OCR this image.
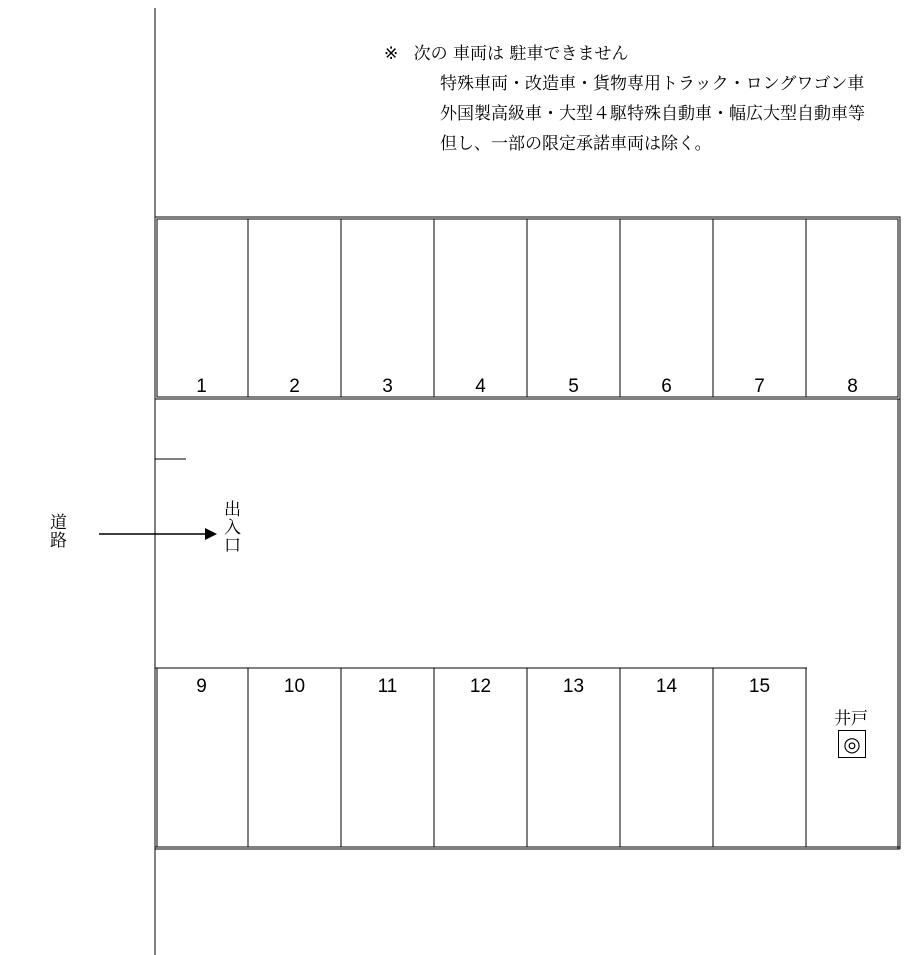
1	2	3	4	5	6	7	8
9	10	11	12	13	14	15
※ 次の 車両は 駐車できません
特殊車両・改造車・貨物専用トラック・ロングワゴン車
外国製高級車・大型４駆特殊自動車・幅広大型自動車等
但し、一部の限定承諾車両は除く。
道路	出入口
井戸
◎
